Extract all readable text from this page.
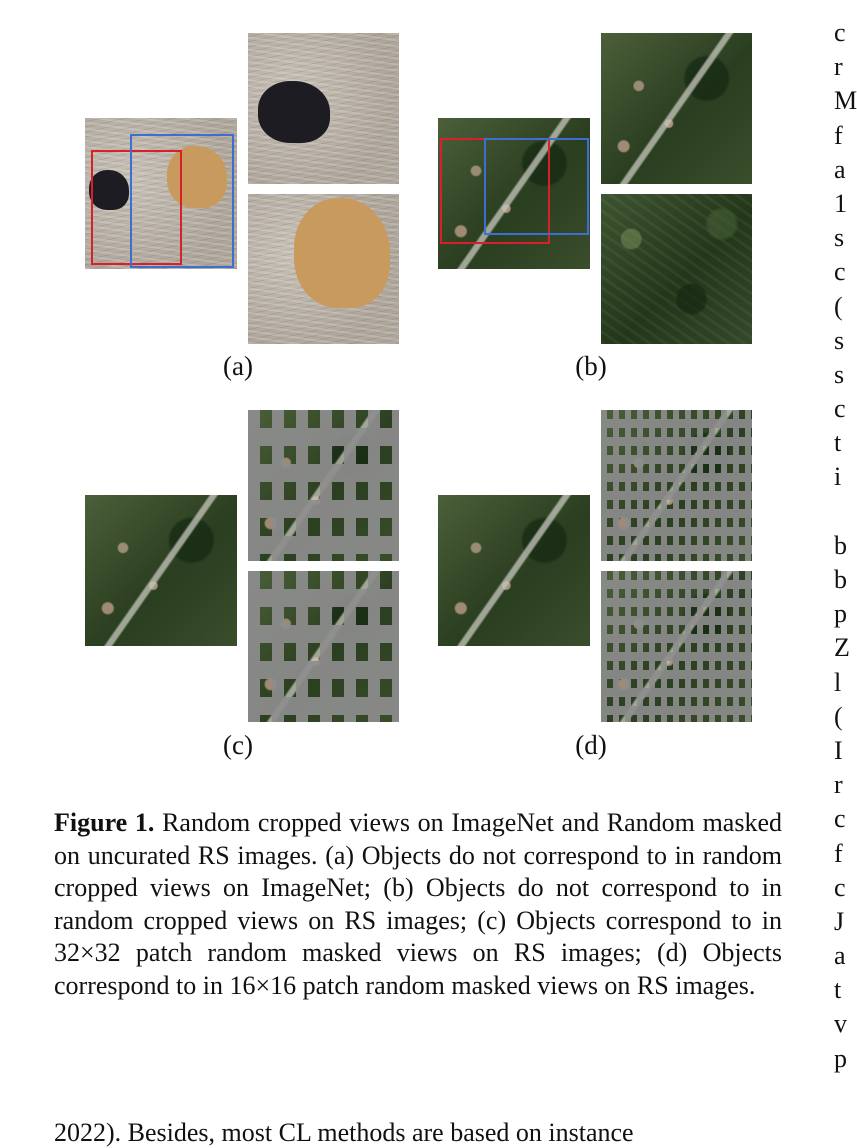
(a)	(b)
(c)	(d)
Figure 1. Random cropped views on ImageNet and Random masked on uncurated RS images. (a) Objects do not correspond to in random cropped views on ImageNet; (b) Objects do not correspond to in random cropped views on RS images; (c) Objects correspond to in 32×32 patch random masked views on RS images; (d) Objects correspond to in 16×16 patch random masked views on RS images.
2022). Besides, most CL methods are based on instance
c
r
M
f
a
1
s
c
(
s
s
c
t
i
b
b
p
Z
l
(
I
r
c
f
c
J
a
t
v
p
